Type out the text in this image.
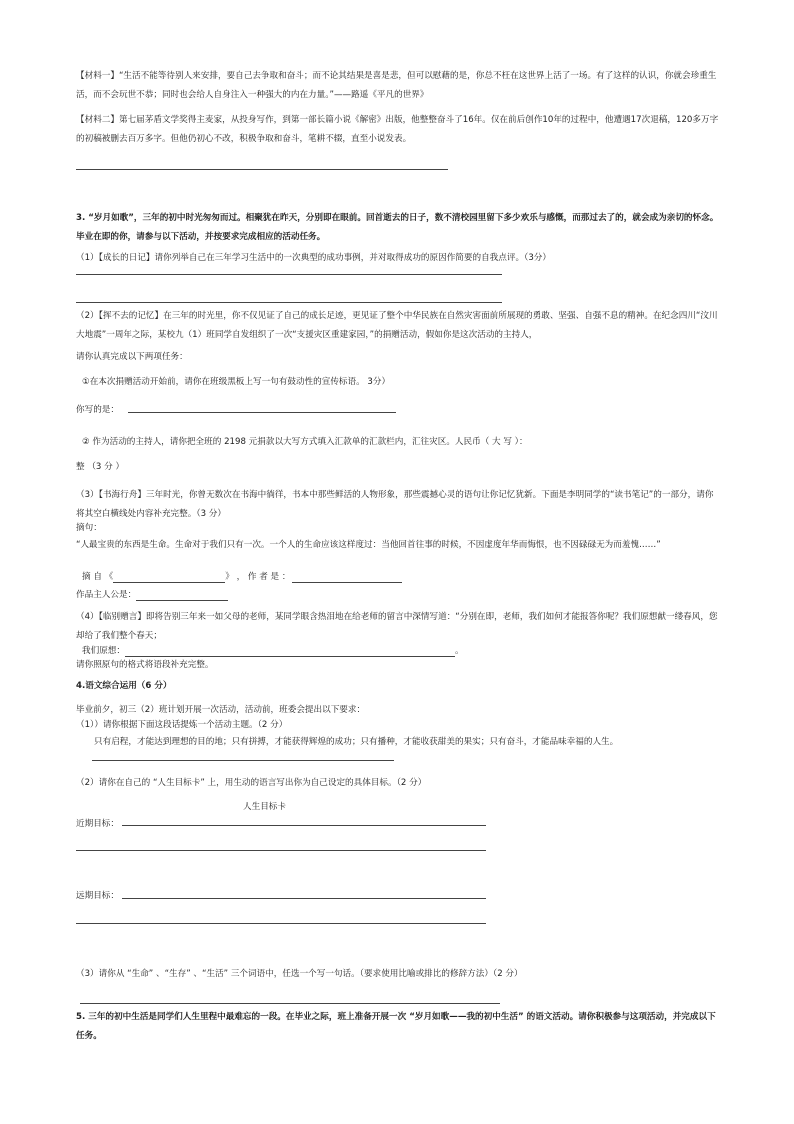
【材料一】“生活不能等待别人来安排，要自己去争取和奋斗；而不论其结果是喜是悲，但可以慰藉的是，你总不枉在这世界上活了一场。有了这样的认识，你就会珍重生活，而不会玩世不恭；同时也会给人自身注入一种强大的内在力量。”——路遥《平凡的世界》
【材料二】第七届茅盾文学奖得主麦家，从投身写作，到第一部长篇小说《解密》出版，他整整奋斗了16年。仅在前后创作10年的过程中，他遭遇17次退稿，120多万字的初稿被删去百万多字。但他仍初心不改，积极争取和奋斗，笔耕不辍，直至小说发表。
3. “岁月如歌”，三年的初中时光匆匆而过。相聚犹在昨天，分别即在眼前。回首逝去的日子，数不清校园里留下多少欢乐与感慨，而那过去了的，就会成为亲切的怀念。毕业在即的你，请参与以下活动，并按要求完成相应的活动任务。
（1）【成长的日记】请你列举自己在三年学习生活中的一次典型的成功事例，并对取得成功的原因作简要的自我点评。（3分）
（2）【挥不去的记忆】在三年的时光里，你不仅见证了自己的成长足迹，更见证了整个中华民族在自然灾害面前所展现的勇敢、坚强、自强不息的精神。在纪念四川“汶川大地震”一周年之际，某校九（1）班同学自发组织了一次“支援灾区重建家园，”的捐赠活动，假如你是这次活动的主持人，
请你认真完成以下两项任务：
①在本次捐赠活动开始前，请你在班级黑板上写一句有鼓动性的宣传标语。 3分）
你写的是：
② 作为活动的主持人，请你把全班的 2198 元捐款以大写方式填入汇款单的汇款栏内，汇往灾区。人民币（ 大 写 ）：
整 （3 分 ）
（3）【书海行舟】三年时光，你曾无数次在书海中徜徉，书本中那些鲜活的人物形象，那些震撼心灵的语句让你记忆犹新。下面是李明同学的“读书笔记”的一部分，请你将其空白横线处内容补充完整。（3 分）
摘句：
“人最宝贵的东西是生命。生命对于我们只有一次。一个人的生命应该这样度过：当他回首往事的时候，不因虚度年华而悔恨，也不因碌碌无为而羞愧……”
摘 自 《	》 ， 作 者 是 ：
作品主人公是：
（4）【临别赠言】即将告别三年来一如父母的老师，某同学眼含热泪地在给老师的留言中深情写道：“分别在即，老师，我们如何才能报答你呢？我们原想献一缕春风，您却给了我们整个春天；
我们原想：	。
请你照原句的格式将语段补充完整。
4.语文综合运用（6 分）
毕业前夕，初三（2）班计划开展一次活动，活动前，班委会提出以下要求：
（1））请你根据下面这段话提炼一个活动主题。（2 分）
只有启程，才能达到理想的目的地；只有拼搏，才能获得辉煌的成功；只有播种，才能收获甜美的果实；只有奋斗，才能品味幸福的人生。
（2）请你在自己的 “人生目标卡” 上，用生动的语言写出你为自己设定的具体目标。（2 分）
人生目标卡
近期目标：
远期目标：
（3）请你从 “生命” 、“生存” 、“生活” 三个词语中，任选一个写一句话。（要求使用比喻或排比的修辞方法）（2 分）
5. 三年的初中生活是同学们人生里程中最难忘的一段。在毕业之际，班上准备开展一次 “岁月如歌——我的初中生活” 的语文活动。请你积极参与这项活动，并完成以下任务。
